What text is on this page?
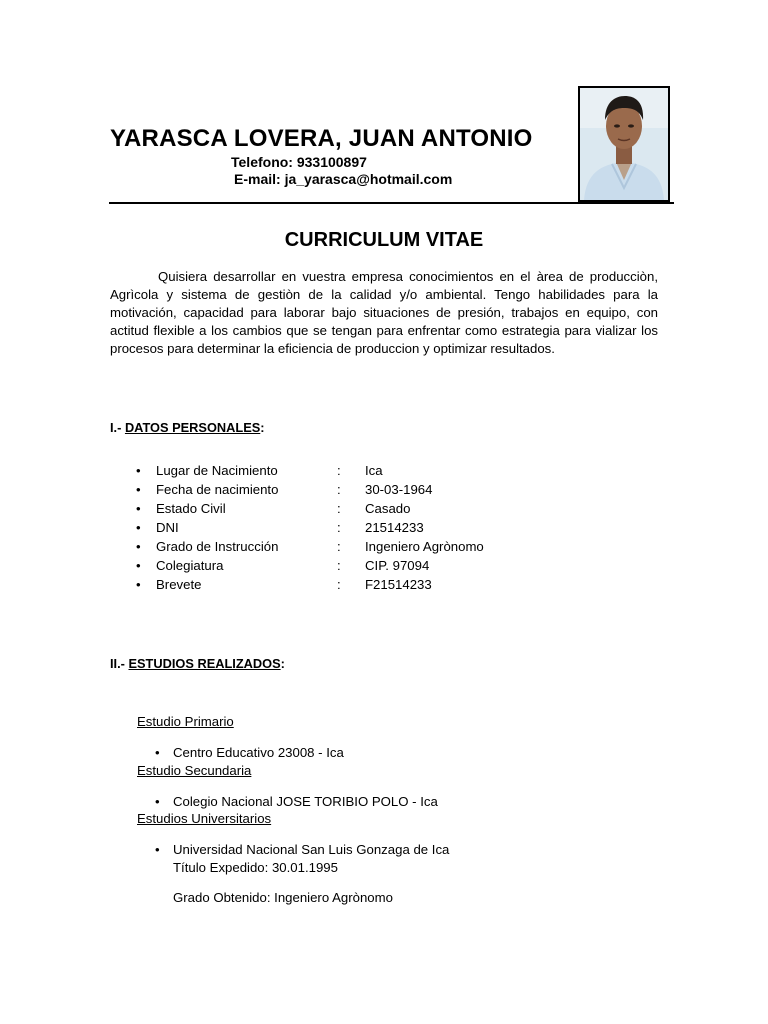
YARASCA LOVERA, JUAN ANTONIO
Telefono: 933100897
E-mail: ja_yarasca@hotmail.com
CURRICULUM VITAE
Quisiera desarrollar en vuestra empresa conocimientos en el àrea de producciòn, Agrìcola y sistema de gestiòn de la calidad y/o ambiental. Tengo habilidades para la motivación, capacidad para laborar bajo situaciones de presión, trabajos en equipo, con actitud flexible a los cambios que se tengan para enfrentar como estrategia para vializar los procesos para determinar la eficiencia de produccion y optimizar resultados.
I.- DATOS PERSONALES:
• Lugar de Nacimiento	: Ica
• Fecha de nacimiento	: 30-03-1964
• Estado Civil	: Casado
• DNI	: 21514233
• Grado de Instrucción	: Ingeniero Agrònomo
• Colegiatura	: CIP. 97094
• Brevete	: F21514233
II.- ESTUDIOS REALIZADOS:
Estudio Primario
• Centro Educativo 23008 - Ica
Estudio Secundaria
• Colegio Nacional JOSE TORIBIO POLO - Ica
Estudios Universitarios
• Universidad Nacional San Luis Gonzaga de Ica
Título Expedido: 30.01.1995
Grado Obtenido: Ingeniero Agrònomo
